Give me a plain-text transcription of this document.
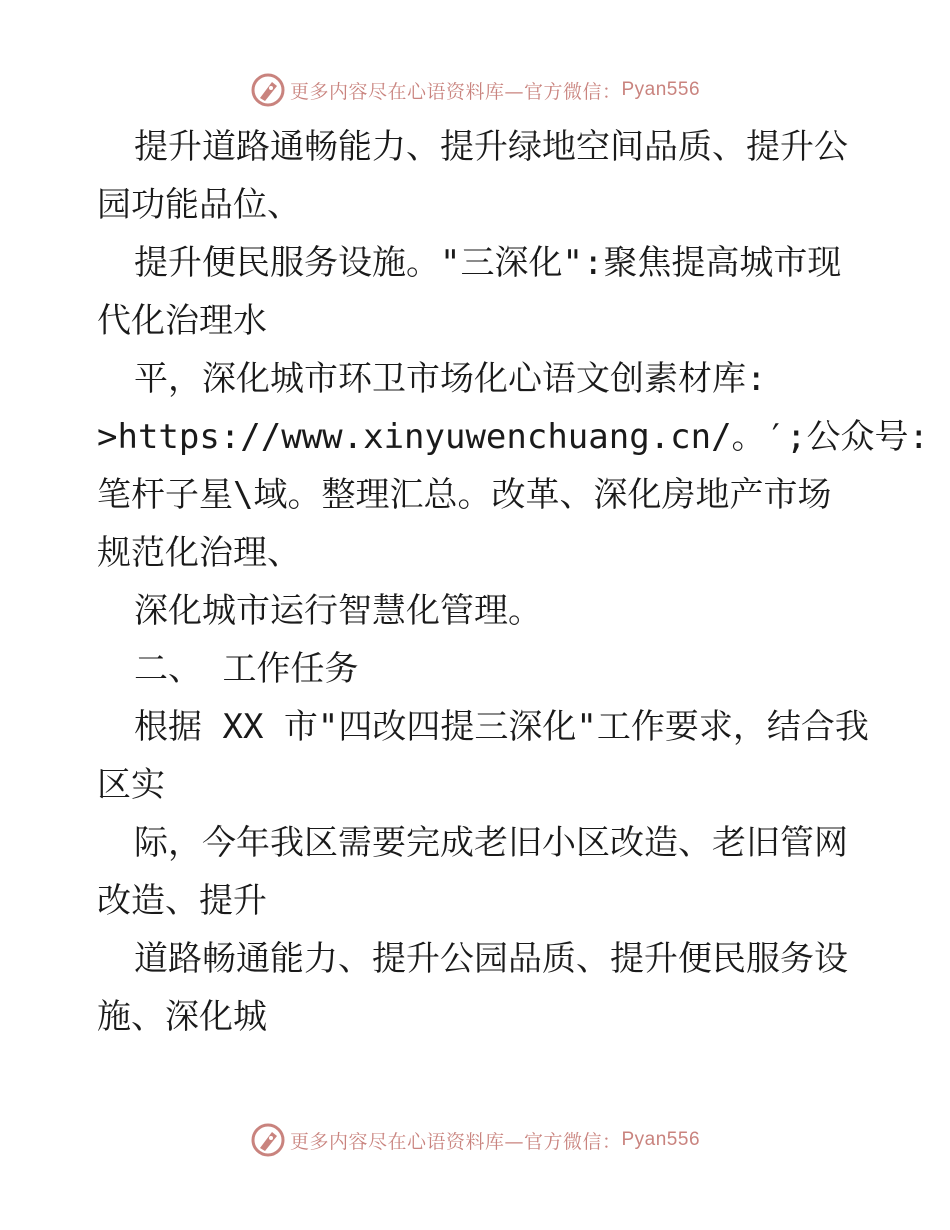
更多内容尽在心语资料库—官方微信： Pyan556
提升道路通畅能力、提升绿地空间品质、提升公
园功能品位、
提升便民服务设施。"三深化":聚焦提高城市现
代化治理水
平，深化城市环卫市场化心语文创素材库:
>https://www.xinyuwenchuang.cn/。′;公众号:
笔杆子星\域。整理汇总。改革、深化房地产市场
规范化治理、
深化城市运行智慧化管理。
二、 工作任务
根据 XX 市"四改四提三深化"工作要求，结合我
区实
际，今年我区需要完成老旧小区改造、老旧管网
改造、提升
道路畅通能力、提升公园品质、提升便民服务设
施、深化城
更多内容尽在心语资料库—官方微信： Pyan556
